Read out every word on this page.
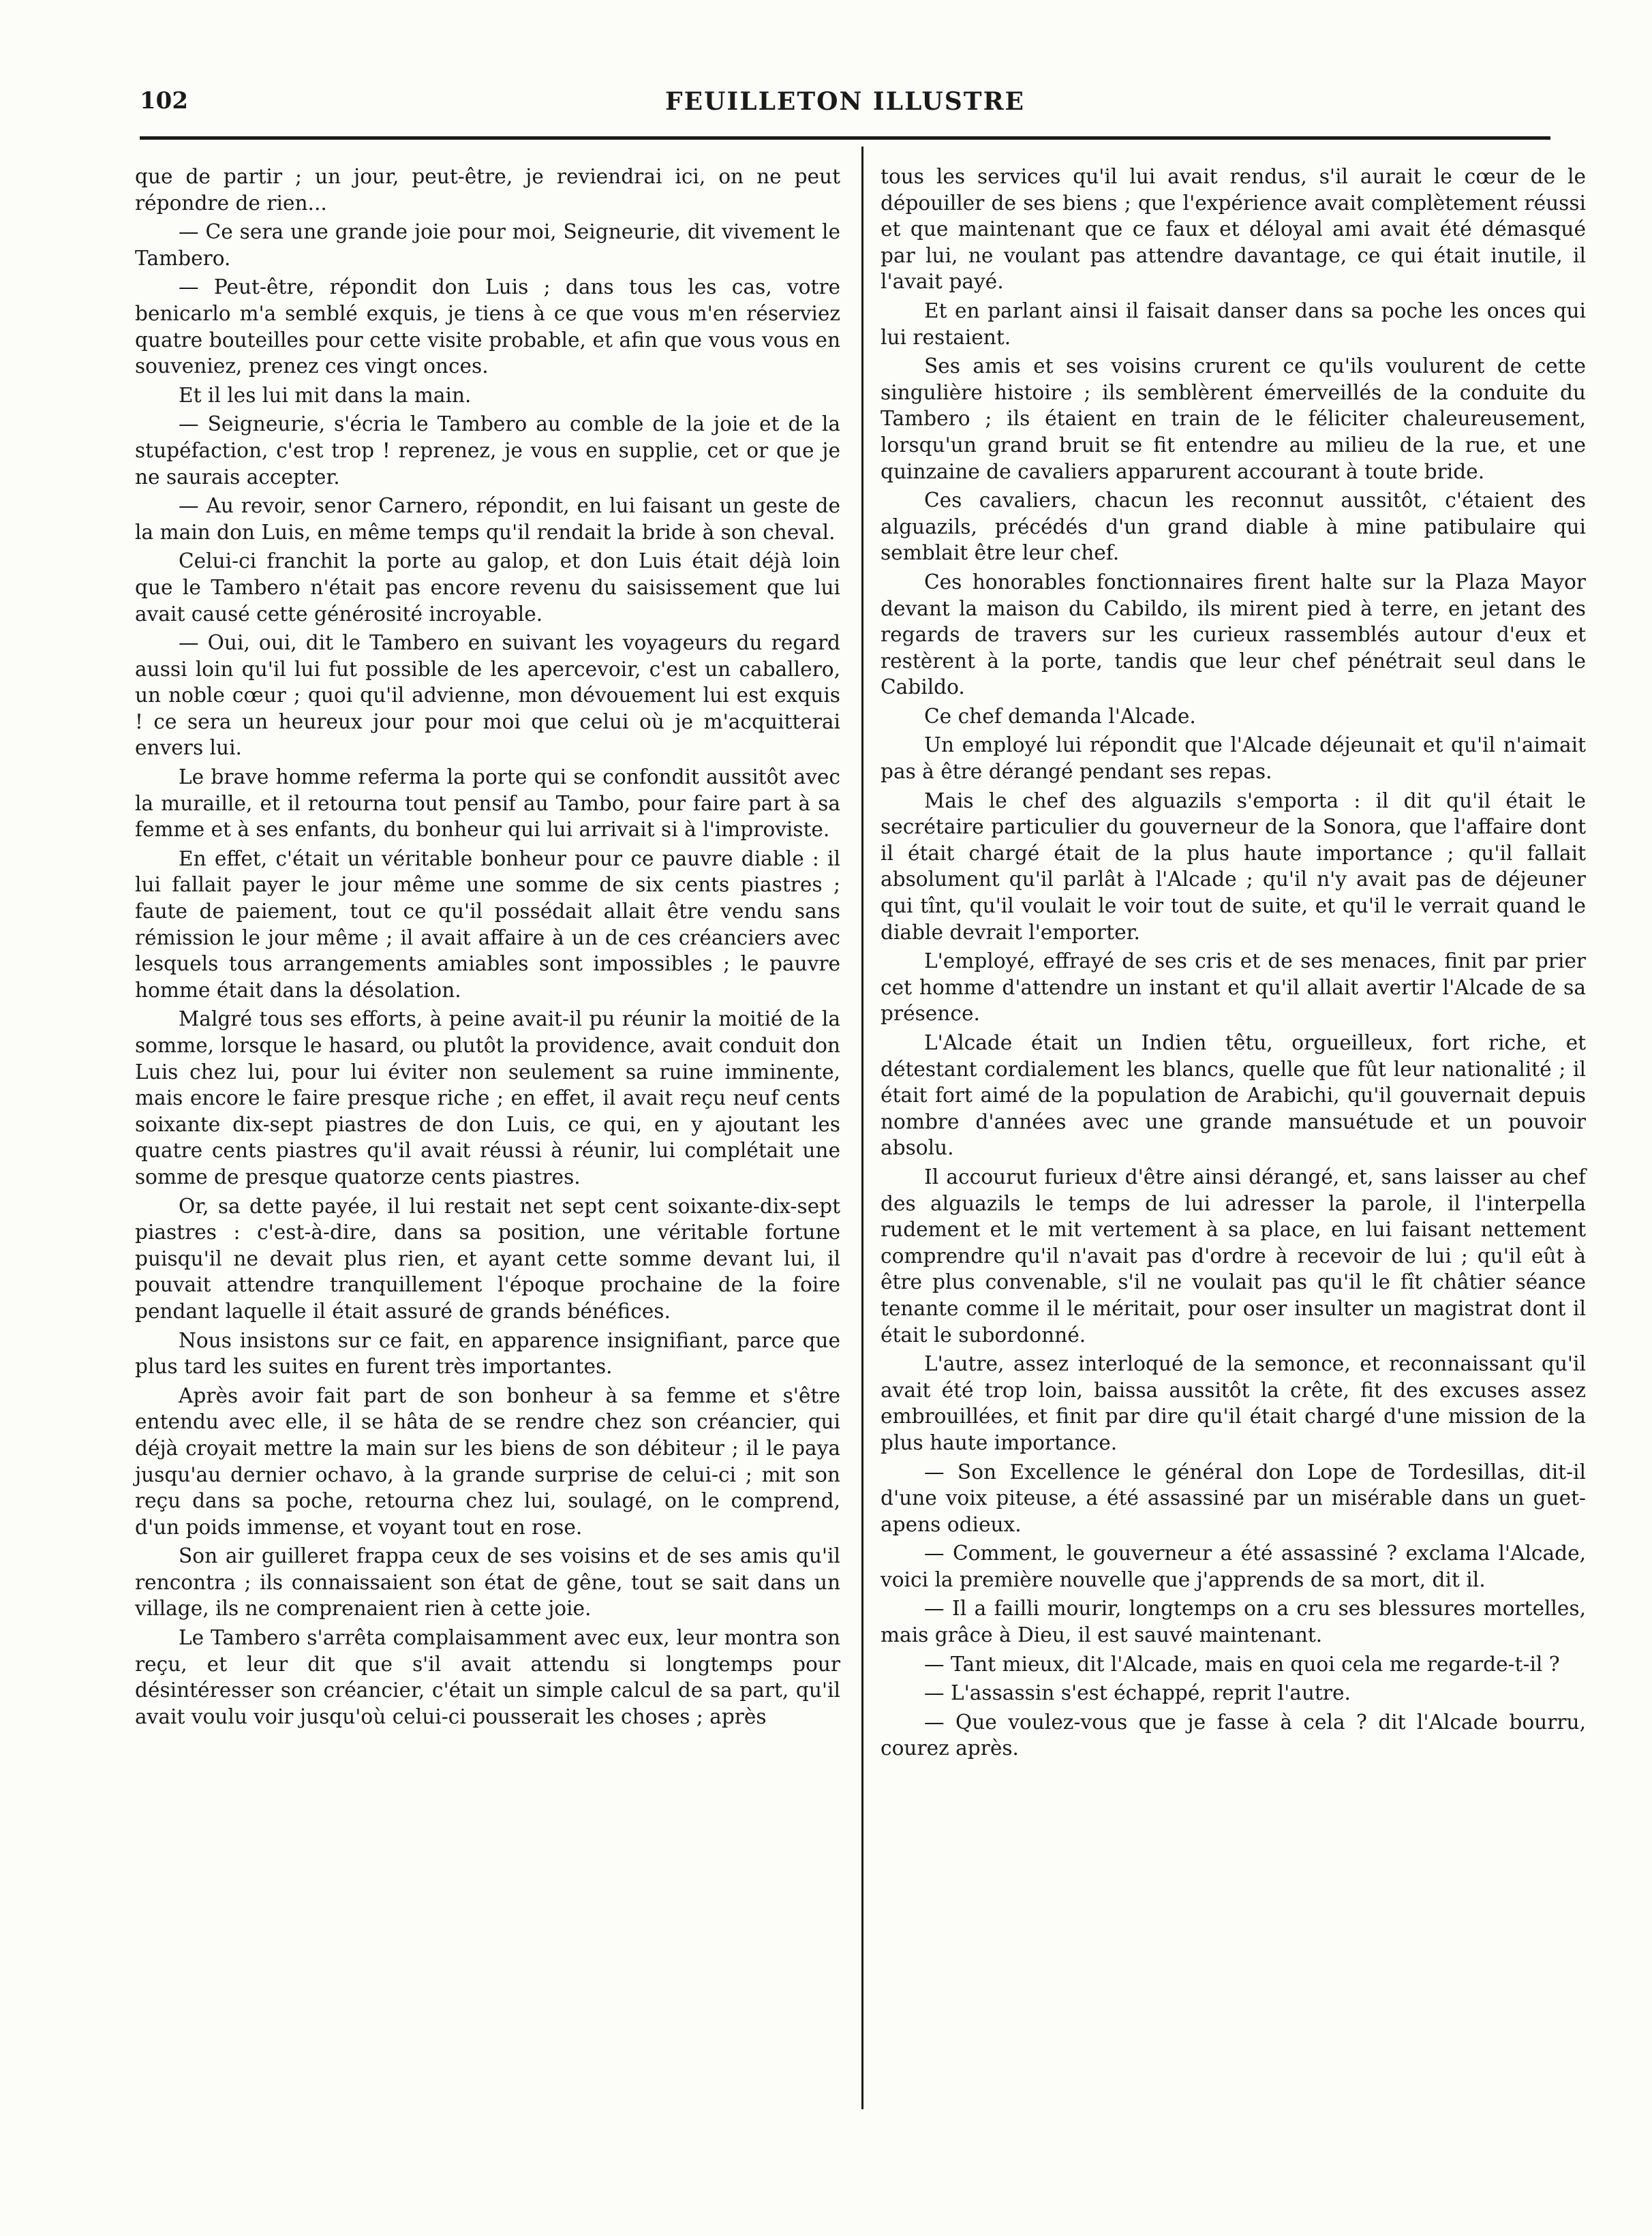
102	FEUILLETON ILLUSTRE

que de partir ; un jour, peut-être, je reviendrai ici, on ne peut répondre de rien...

— Ce sera une grande joie pour moi, Seigneurie, dit vivement le Tambero.

— Peut-être, répondit don Luis ; dans tous les cas, votre benicarlo m'a semblé exquis, je tiens à ce que vous m'en réserviez quatre bouteilles pour cette visite probable, et afin que vous vous en souveniez, prenez ces vingt onces.

Et il les lui mit dans la main.

— Seigneurie, s'écria le Tambero au comble de la joie et de la stupéfaction, c'est trop ! reprenez, je vous en supplie, cet or que je ne saurais accepter.

— Au revoir, senor Carnero, répondit, en lui faisant un geste de la main don Luis, en même temps qu'il rendait la bride à son cheval.

Celui-ci franchit la porte au galop, et don Luis était déjà loin que le Tambero n'était pas encore revenu du saisissement que lui avait causé cette générosité incroyable.

— Oui, oui, dit le Tambero en suivant les voyageurs du regard aussi loin qu'il lui fut possible de les apercevoir, c'est un caballero, un noble cœur ; quoi qu'il advienne, mon dévouement lui est exquis ! ce sera un heureux jour pour moi que celui où je m'acquitterai envers lui.

Le brave homme referma la porte qui se confondit aussitôt avec la muraille, et il retourna tout pensif au Tambo, pour faire part à sa femme et à ses enfants, du bonheur qui lui arrivait si à l'improviste.

En effet, c'était un véritable bonheur pour ce pauvre diable : il lui fallait payer le jour même une somme de six cents piastres ; faute de paiement, tout ce qu'il possédait allait être vendu sans rémission le jour même ; il avait affaire à un de ces créanciers avec lesquels tous arrangements amiables sont impossibles ; le pauvre homme était dans la désolation.

Malgré tous ses efforts, à peine avait-il pu réunir la moitié de la somme, lorsque le hasard, ou plutôt la providence, avait conduit don Luis chez lui, pour lui éviter non seulement sa ruine imminente, mais encore le faire presque riche ; en effet, il avait reçu neuf cents soixante dix-sept piastres de don Luis, ce qui, en y ajoutant les quatre cents piastres qu'il avait réussi à réunir, lui complétait une somme de presque quatorze cents piastres.

Or, sa dette payée, il lui restait net sept cent soixante-dix-sept piastres : c'est-à-dire, dans sa position, une véritable fortune puisqu'il ne devait plus rien, et ayant cette somme devant lui, il pouvait attendre tranquillement l'époque prochaine de la foire pendant laquelle il était assuré de grands bénéfices.

Nous insistons sur ce fait, en apparence insignifiant, parce que plus tard les suites en furent très importantes.

Après avoir fait part de son bonheur à sa femme et s'être entendu avec elle, il se hâta de se rendre chez son créancier, qui déjà croyait mettre la main sur les biens de son débiteur ; il le paya jusqu'au dernier ochavo, à la grande surprise de celui-ci ; mit son reçu dans sa poche, retourna chez lui, soulagé, on le comprend, d'un poids immense, et voyant tout en rose.

Son air guilleret frappa ceux de ses voisins et de ses amis qu'il rencontra ; ils connaissaient son état de gêne, tout se sait dans un village, ils ne comprenaient rien à cette joie.

Le Tambero s'arrêta complaisamment avec eux, leur montra son reçu, et leur dit que s'il avait attendu si longtemps pour désintéresser son créancier, c'était un simple calcul de sa part, qu'il avait voulu voir jusqu'où celui-ci pousserait les choses ; après

tous les services qu'il lui avait rendus, s'il aurait le cœur de le dépouiller de ses biens ; que l'expérience avait complètement réussi et que maintenant que ce faux et déloyal ami avait été démasqué par lui, ne voulant pas attendre davantage, ce qui était inutile, il l'avait payé.

Et en parlant ainsi il faisait danser dans sa poche les onces qui lui restaient.

Ses amis et ses voisins crurent ce qu'ils voulurent de cette singulière histoire ; ils semblèrent émerveillés de la conduite du Tambero ; ils étaient en train de le féliciter chaleureusement, lorsqu'un grand bruit se fit entendre au milieu de la rue, et une quinzaine de cavaliers apparurent accourant à toute bride.

Ces cavaliers, chacun les reconnut aussitôt, c'étaient des alguazils, précédés d'un grand diable à mine patibulaire qui semblait être leur chef.

Ces honorables fonctionnaires firent halte sur la Plaza Mayor devant la maison du Cabildo, ils mirent pied à terre, en jetant des regards de travers sur les curieux rassemblés autour d'eux et restèrent à la porte, tandis que leur chef pénétrait seul dans le Cabildo.

Ce chef demanda l'Alcade.

Un employé lui répondit que l'Alcade déjeunait et qu'il n'aimait pas à être dérangé pendant ses repas.

Mais le chef des alguazils s'emporta : il dit qu'il était le secrétaire particulier du gouverneur de la Sonora, que l'affaire dont il était chargé était de la plus haute importance ; qu'il fallait absolument qu'il parlât à l'Alcade ; qu'il n'y avait pas de déjeuner qui tînt, qu'il voulait le voir tout de suite, et qu'il le verrait quand le diable devrait l'emporter.

L'employé, effrayé de ses cris et de ses menaces, finit par prier cet homme d'attendre un instant et qu'il allait avertir l'Alcade de sa présence.

L'Alcade était un Indien têtu, orgueilleux, fort riche, et détestant cordialement les blancs, quelle que fût leur nationalité ; il était fort aimé de la population de Arabichi, qu'il gouvernait depuis nombre d'années avec une grande mansuétude et un pouvoir absolu.

Il accourut furieux d'être ainsi dérangé, et, sans laisser au chef des alguazils le temps de lui adresser la parole, il l'interpella rudement et le mit vertement à sa place, en lui faisant nettement comprendre qu'il n'avait pas d'ordre à recevoir de lui ; qu'il eût à être plus convenable, s'il ne voulait pas qu'il le fît châtier séance tenante comme il le méritait, pour oser insulter un magistrat dont il était le subordonné.

L'autre, assez interloqué de la semonce, et reconnaissant qu'il avait été trop loin, baissa aussitôt la crête, fit des excuses assez embrouillées, et finit par dire qu'il était chargé d'une mission de la plus haute importance.

— Son Excellence le général don Lope de Tordesillas, dit-il d'une voix piteuse, a été assassiné par un misérable dans un guet-apens odieux.

— Comment, le gouverneur a été assassiné ? exclama l'Alcade, voici la première nouvelle que j'apprends de sa mort, dit il.

— Il a failli mourir, longtemps on a cru ses blessures mortelles, mais grâce à Dieu, il est sauvé maintenant.

— Tant mieux, dit l'Alcade, mais en quoi cela me regarde-t-il ?

— L'assassin s'est échappé, reprit l'autre.

— Que voulez-vous que je fasse à cela ? dit l'Alcade bourru, courez après.
